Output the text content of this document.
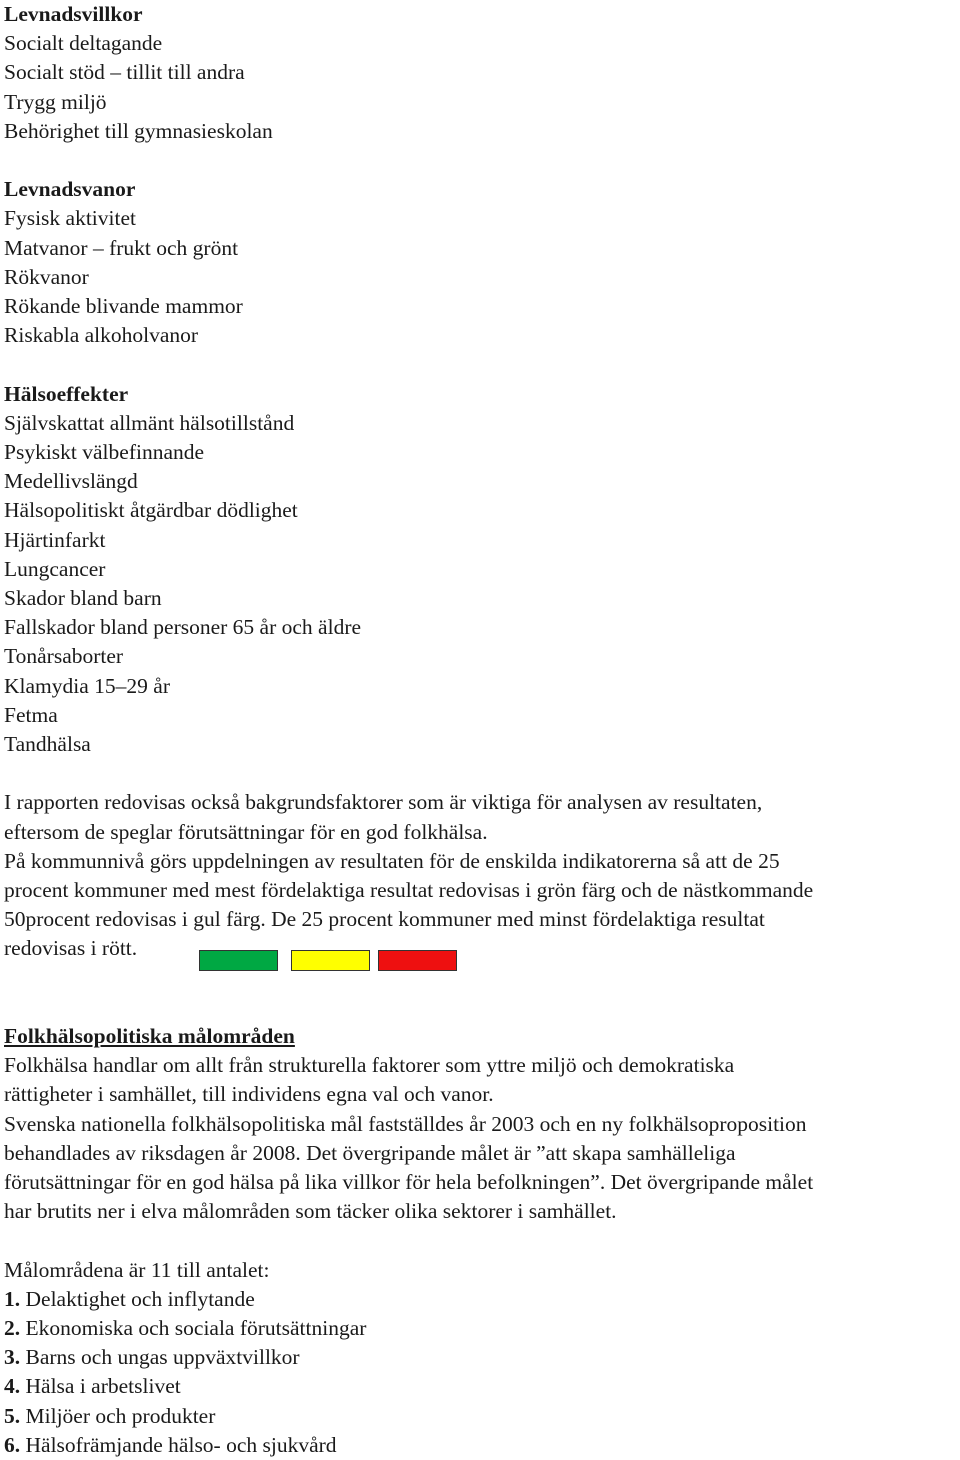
Levnadsvillkor
Socialt deltagande
Socialt stöd – tillit till andra
Trygg miljö
Behörighet till gymnasieskolan
Levnadsvanor
Fysisk aktivitet
Matvanor – frukt och grönt
Rökvanor
Rökande blivande mammor
Riskabla alkoholvanor
Hälsoeffekter
Självskattat allmänt hälsotillstånd
Psykiskt välbefinnande
Medellivslängd
Hälsopolitiskt åtgärdbar dödlighet
Hjärtinfarkt
Lungcancer
Skador bland barn
Fallskador bland personer 65 år och äldre
Tonårsaborter
Klamydia 15–29 år
Fetma
Tandhälsa
I rapporten redovisas också bakgrundsfaktorer som är viktiga för analysen av resultaten,
eftersom de speglar förutsättningar för en god folkhälsa.
På kommunnivå görs uppdelningen av resultaten för de enskilda indikatorerna så att de 25
procent kommuner med mest fördelaktiga resultat redovisas i grön färg och de nästkommande
50procent redovisas i gul färg. De 25 procent kommuner med minst fördelaktiga resultat
redovisas i rött.
Folkhälsopolitiska målområden
Folkhälsa handlar om allt från strukturella faktorer som yttre miljö och demokratiska
rättigheter i samhället, till individens egna val och vanor.
Svenska nationella folkhälsopolitiska mål fastställdes år 2003 och en ny folkhälsoproposition
behandlades av riksdagen år 2008. Det övergripande målet är ”att skapa samhälleliga
förutsättningar för en god hälsa på lika villkor för hela befolkningen”. Det övergripande målet
har brutits ner i elva målområden som täcker olika sektorer i samhället.
Målområdena är 11 till antalet:
1. Delaktighet och inflytande
2. Ekonomiska och sociala förutsättningar
3. Barns och ungas uppväxtvillkor
4. Hälsa i arbetslivet
5. Miljöer och produkter
6. Hälsofrämjande hälso- och sjukvård
